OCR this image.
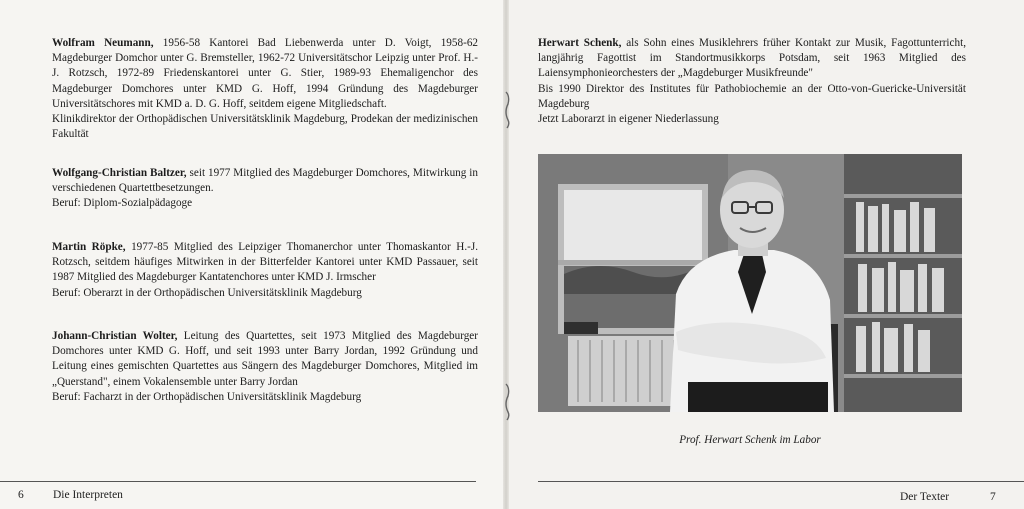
Wolfram Neumann, 1956-58 Kantorei Bad Liebenwerda unter D. Voigt, 1958-62 Magdeburger Domchor unter G. Bremsteller, 1962-72 Universitätschor Leipzig unter Prof. H.-J. Rotzsch, 1972-89 Friedenskantorei unter G. Stier, 1989-93 Ehemaligenchor des Magdeburger Domchores unter KMD G. Hoff, 1994 Gründung des Magdeburger Universitätschores mit KMD a. D. G. Hoff, seitdem eigene Mitgliedschaft.
Klinikdirektor der Orthopädischen Universitätsklinik Magdeburg, Prodekan der medizinischen Fakultät
Wolfgang-Christian Baltzer, seit 1977 Mitglied des Magdeburger Domchores, Mitwirkung in verschiedenen Quartettbesetzungen.
Beruf: Diplom-Sozialpädagoge
Martin Röpke, 1977-85 Mitglied des Leipziger Thomanerchor unter Thomaskantor H.-J. Rotzsch, seitdem häufiges Mitwirken in der Bitterfelder Kantorei unter KMD Passauer, seit 1987 Mitglied des Magdeburger Kantatenchores unter KMD J. Irmscher
Beruf: Oberarzt in der Orthopädischen Universitätsklinik Magdeburg
Johann-Christian Wolter, Leitung des Quartettes, seit 1973 Mitglied des Magdeburger Domchores unter KMD G. Hoff, und seit 1993 unter Barry Jordan, 1992 Gründung und Leitung eines gemischten Quartettes aus Sängern des Magdeburger Domchores, Mitglied im „Querstand", einem Vokalensemble unter Barry Jordan
Beruf: Facharzt in der Orthopädischen Universitätsklinik Magdeburg
6	Die Interpreten
Herwart Schenk, als Sohn eines Musiklehrers früher Kontakt zur Musik, Fagottunterricht, langjährig Fagottist im Standortmusikkorps Potsdam, seit 1963 Mitglied des Laiensymphonieorchesters der „Magdeburger Musikfreunde"
Bis 1990 Direktor des Institutes für Pathobiochemie an der Otto-von-Guericke-Universität Magdeburg
Jetzt Laborarzt in eigener Niederlassung
Prof. Herwart Schenk im Labor
Der Texter	7
